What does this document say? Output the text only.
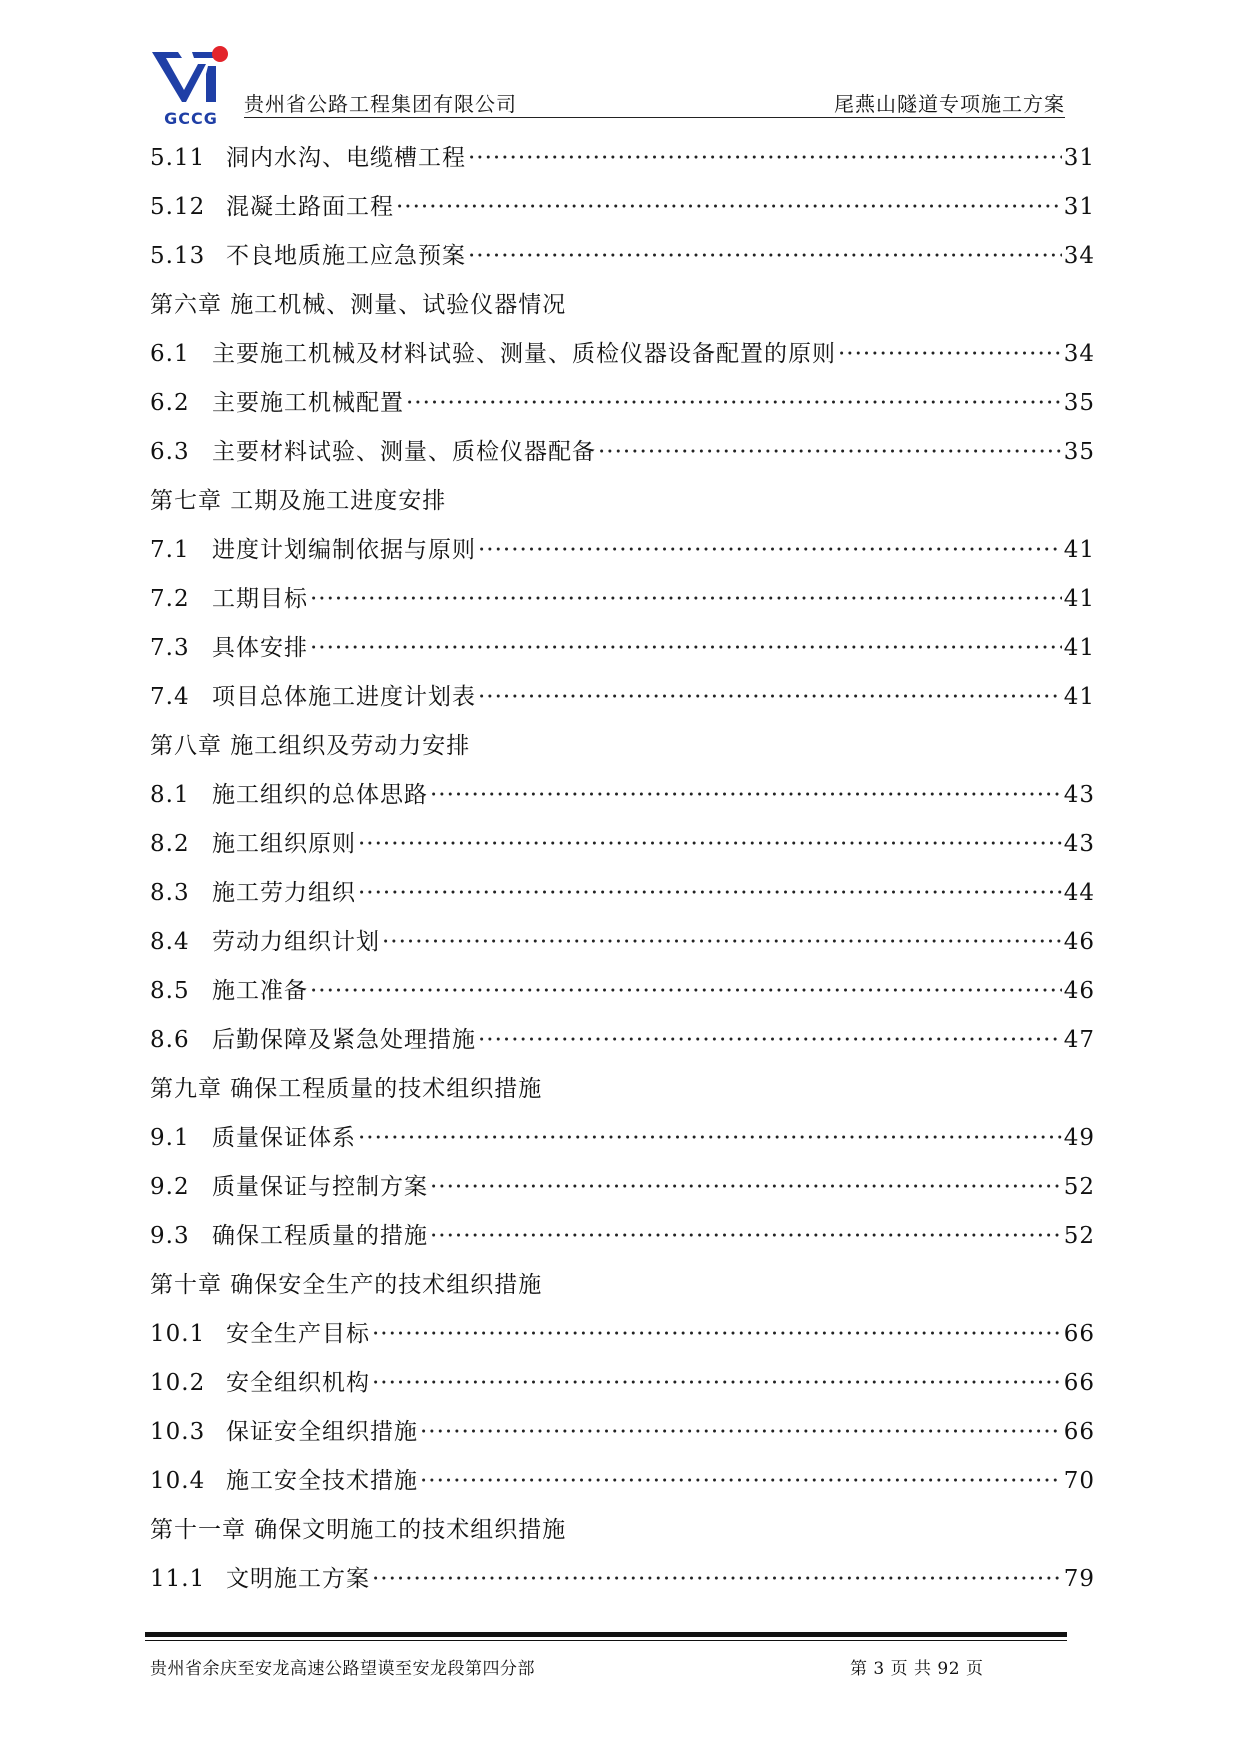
GCCG
贵州省公路工程集团有限公司	尾燕山隧道专项施工方案
5.11 洞内水沟、电缆槽工程 ·····	31
5.12 混凝土路面工程 ·····	31
5.13 不良地质施工应急预案 ·····	34
第六章 施工机械、测量、试验仪器情况
6.1 主要施工机械及材料试验、测量、质检仪器设备配置的原则 ·····	34
6.2 主要施工机械配置 ·····	35
6.3 主要材料试验、测量、质检仪器配备 ·····	35
第七章 工期及施工进度安排
7.1 进度计划编制依据与原则 ·····	41
7.2 工期目标 ·····	41
7.3 具体安排 ·····	41
7.4 项目总体施工进度计划表 ·····	41
第八章 施工组织及劳动力安排
8.1 施工组织的总体思路 ·····	43
8.2 施工组织原则 ·····	43
8.3 施工劳力组织 ·····	44
8.4 劳动力组织计划 ·····	46
8.5 施工准备 ·····	46
8.6 后勤保障及紧急处理措施 ·····	47
第九章 确保工程质量的技术组织措施
9.1 质量保证体系 ·····	49
9.2 质量保证与控制方案 ·····	52
9.3 确保工程质量的措施 ·····	52
第十章 确保安全生产的技术组织措施
10.1 安全生产目标 ·····	66
10.2 安全组织机构 ·····	66
10.3 保证安全组织措施 ·····	66
10.4 施工安全技术措施 ·····	70
第十一章 确保文明施工的技术组织措施
11.1 文明施工方案 ·····	79
贵州省余庆至安龙高速公路望谟至安龙段第四分部	第 3 页 共 92 页
